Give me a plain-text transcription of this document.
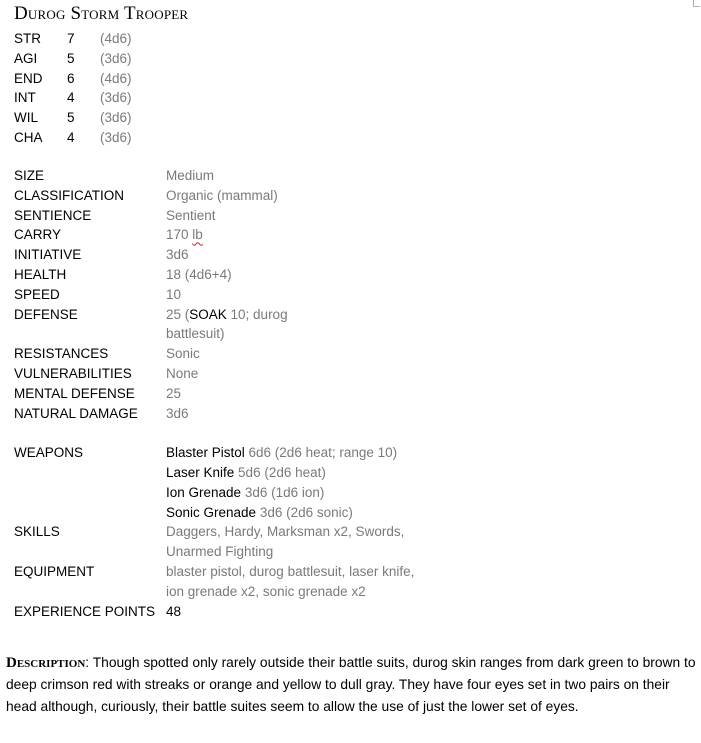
Durog Storm Trooper
STR 7 (4d6)
AGI 5 (3d6)
END 6 (4d6)
INT 4 (3d6)
WIL 5 (3d6)
CHA 4 (3d6)
SIZE	Medium
CLASSIFICATION	Organic (mammal)
SENTIENCE	Sentient
CARRY	170 lb
INITIATIVE	3d6
HEALTH	18 (4d6+4)
SPEED	10
DEFENSE	25 (SOAK 10; durog
battlesuit)
RESISTANCES	Sonic
VULNERABILITIES	None
MENTAL DEFENSE	25
NATURAL DAMAGE	3d6
WEAPONS	Blaster Pistol 6d6 (2d6 heat; range 10)
Laser Knife 5d6 (2d6 heat)
Ion Grenade 3d6 (1d6 ion)
Sonic Grenade 3d6 (2d6 sonic)
SKILLS	Daggers, Hardy, Marksman x2, Swords,
Unarmed Fighting
EQUIPMENT	blaster pistol, durog battlesuit, laser knife,
ion grenade x2, sonic grenade x2
EXPERIENCE POINTS 48
Description: Though spotted only rarely outside their battle suits, durog skin ranges from dark green to brown to deep crimson red with streaks or orange and yellow to dull gray. They have four eyes set in two pairs on their head although, curiously, their battle suites seem to allow the use of just the lower set of eyes.
